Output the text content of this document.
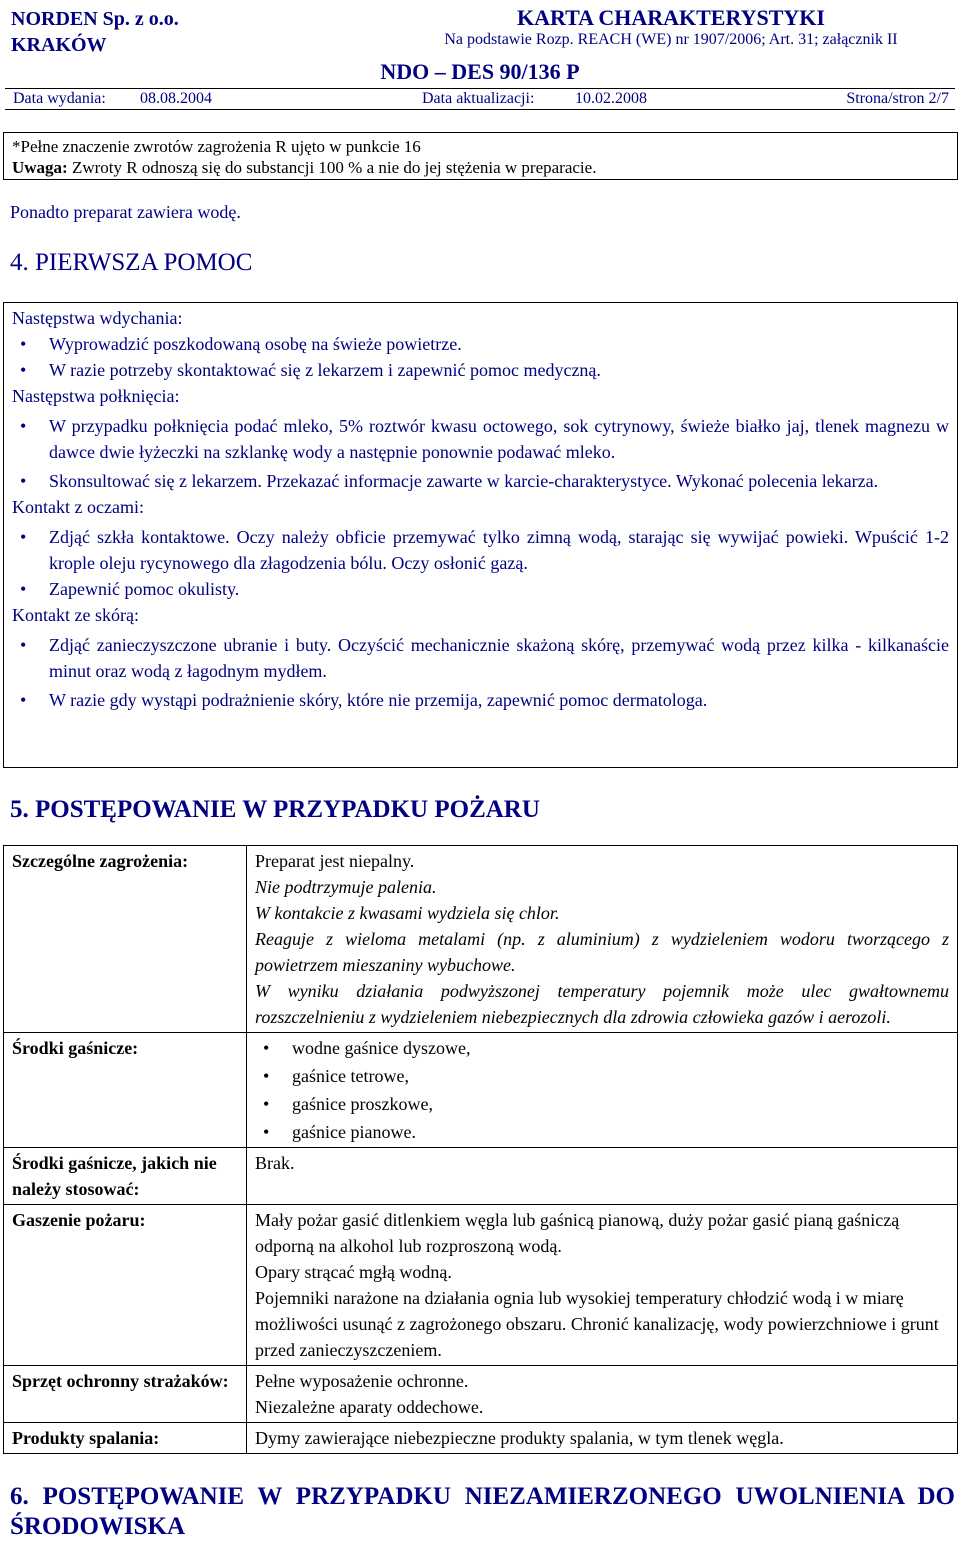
NORDEN Sp. z o.o.
KRAKÓW

KARTA CHARAKTERYSTYKI
Na podstawie Rozp. REACH (WE) nr 1907/2006; Art. 31; załącznik II

NDO – DES 90/136 P
Data wydania: 08.08.2004	Data aktualizacji:	10.02.2008	Strona/stron 2/7
*Pełne znaczenie zwrotów zagrożenia R ujęto w punkcie 16
Uwaga: Zwroty R odnoszą się do substancji 100 % a nie do jej stężenia w preparacie.
Ponadto preparat zawiera wodę.
4. PIERWSZA POMOC
Następstwa wdychania:
• Wyprowadzić poszkodowaną osobę na świeże powietrze.
• W razie potrzeby skontaktować się z lekarzem i zapewnić pomoc medyczną.
Następstwa połknięcia:
• W przypadku połknięcia podać mleko, 5% roztwór kwasu octowego, sok cytrynowy, świeże białko jaj, tlenek magnezu w dawce dwie łyżeczki na szklankę wody a następnie ponownie podawać mleko.
• Skonsultować się z lekarzem. Przekazać informacje zawarte w karcie-charakterystyce. Wykonać polecenia lekarza.
Kontakt z oczami:
• Zdjąć szkła kontaktowe. Oczy należy obficie przemywać tylko zimną wodą, starając się wywijać powieki. Wpuścić 1-2 krople oleju rycynowego dla złagodzenia bólu. Oczy osłonić gazą.
• Zapewnić pomoc okulisty.
Kontakt ze skórą:
• Zdjąć zanieczyszczone ubranie i buty. Oczyścić mechanicznie skażoną skórę, przemywać wodą przez kilka - kilkanaście minut oraz wodą z łagodnym mydłem.
• W razie gdy wystąpi podrażnienie skóry, które nie przemija, zapewnić pomoc dermatologa.
5. POSTĘPOWANIE W PRZYPADKU POŻARU
Szczególne zagrożenia:	Preparat jest niepalny.
Nie podtrzymuje palenia.
W kontakcie z kwasami wydziela się chlor.
Reaguje z wieloma metalami (np. z aluminium) z wydzieleniem wodoru tworzącego z powietrzem mieszaniny wybuchowe.
W wyniku działania podwyższonej temperatury pojemnik może ulec gwałtownemu rozszczelnieniu z wydzieleniem niebezpiecznych dla zdrowia człowieka gazów i aerozoli.

Środki gaśnicze:	• wodne gaśnice dyszowe,
• gaśnice tetrowe,
• gaśnice proszkowe,
• gaśnice pianowe.

Środki gaśnicze, jakich nie należy stosować:	Brak.
Gaszenie pożaru:	Mały pożar gasić ditlenkiem węgla lub gaśnicą pianową, duży pożar gasić pianą gaśniczą odporną na alkohol lub rozproszoną wodą.
Opary strącać mgłą wodną.
Pojemniki narażone na działania ognia lub wysokiej temperatury chłodzić wodą i w miarę możliwości usunąć z zagrożonego obszaru. Chronić kanalizację, wody powierzchniowe i grunt przed zanieczyszczeniem.

Sprzęt ochronny strażaków:	Pełne wyposażenie ochronne.
Niezależne aparaty oddechowe.

Produkty spalania:	Dymy zawierające niebezpieczne produkty spalania, w tym tlenek węgla.
6. POSTĘPOWANIE W PRZYPADKU NIEZAMIERZONEGO UWOLNIENIA DO ŚRODOWISKA
